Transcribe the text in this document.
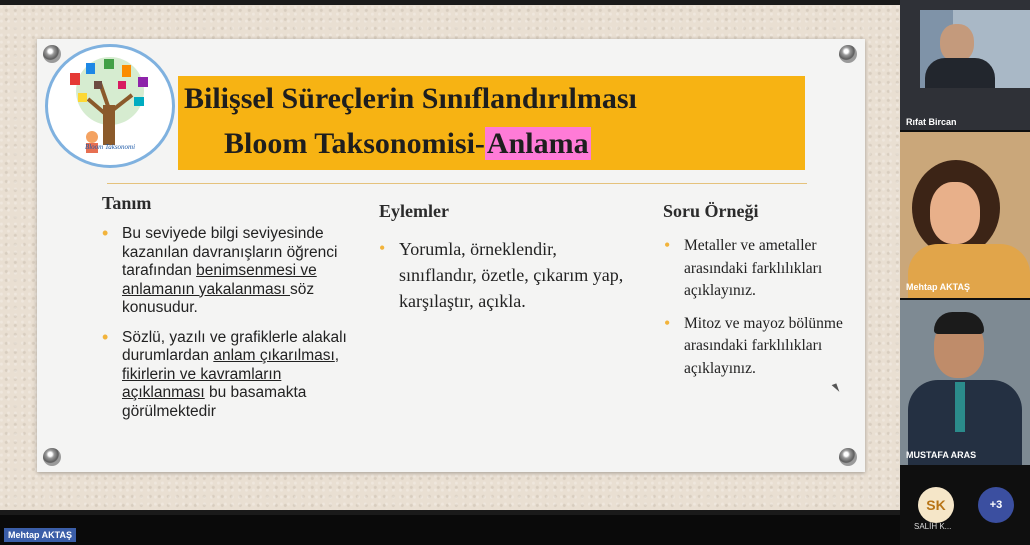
Bloom Taksonomi
Bilişsel Süreçlerin Sınıflandırılması
Bloom Taksonomisi-Anlama
Tanım
• Bu seviyede bilgi seviyesinde kazanılan davranışların öğrenci tarafından benimsenmesi ve anlamanın yakalanması söz konusudur.
• Sözlü, yazılı ve grafiklerle alakalı durumlardan anlam çıkarılması, fikirlerin ve kavramların açıklanması bu basamakta görülmektedir
Eylemler
• Yorumla, örneklendir, sınıflandır, özetle, çıkarım yap, karşılaştır, açıkla.
Soru Örneği
• Metaller ve ametaller arasındaki farklılıkları açıklayınız.
• Mitoz ve mayoz bölünme arasındaki farklılıkları açıklayınız.
Mehtap AKTAŞ
Rıfat Bircan
Mehtap AKTAŞ
MUSTAFA ARAS
SK
SALİH K...
+3
